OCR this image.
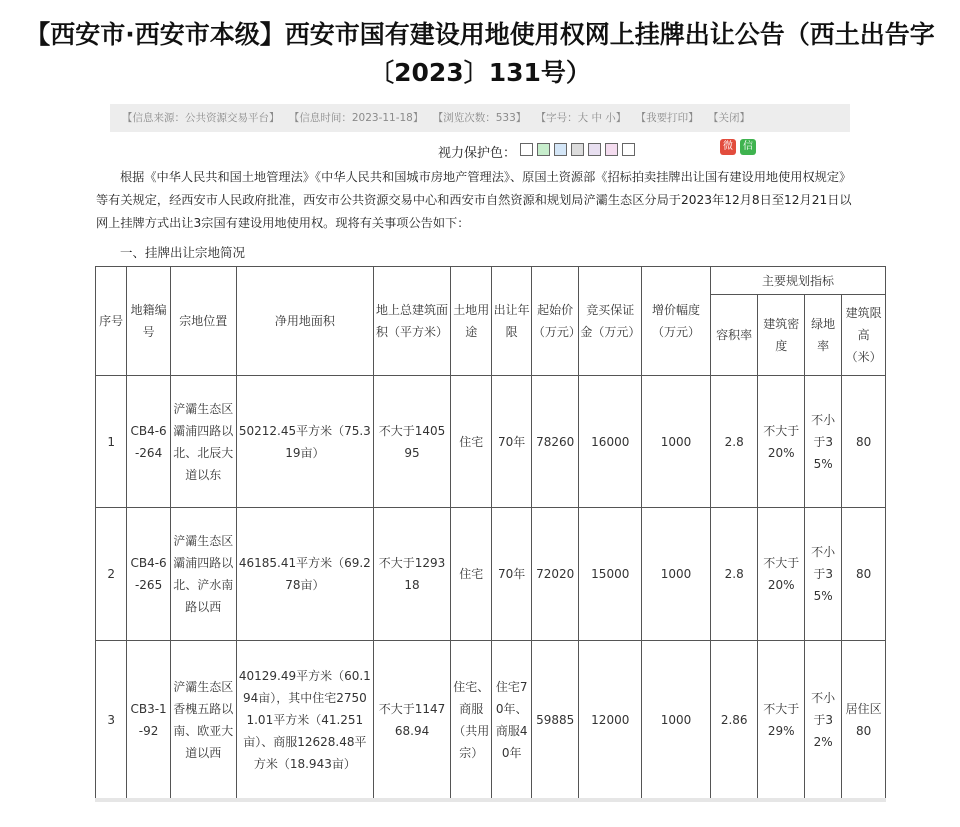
【西安市·西安市本级】西安市国有建设用地使用权网上挂牌出让公告（西土出告字〔2023〕131号）
【信息来源：公共资源交易平台】 【信息时间：2023-11-18】 【浏览次数：533】 【字号：大 中 小】 【我要打印】 【关闭】
视力保护色：	微	信

根据《中华人民共和国土地管理法》《中华人民共和国城市房地产管理法》、原国土资源部《招标拍卖挂牌出让国有建设用地使用权规定》等有关规定，经西安市人民政府批准，西安市公共资源交易中心和西安市自然资源和规划局浐灞生态区分局于2023年12月8日至12月21日以网上挂牌方式出让3宗国有建设用地使用权。现将有关事项公告如下：

一、挂牌出让宗地简况
序号	地籍编号	宗地位置	净用地面积	地上总建筑面积（平方米）	土地用途	出让年限	起始价（万元）	竞买保证金（万元）	增价幅度（万元）	主要规划指标			
										容积率	建筑密度	绿地率	建筑限高（米）
1	CB4-6-264	浐灞生态区灞浦四路以北、北辰大道以东	50212.45平方米（75.319亩）	不大于140595	住宅	70年	78260	16000	1000	2.8	不大于20%	不小于35%	80
2	CB4-6-265	浐灞生态区灞浦四路以北、浐水南路以西	46185.41平方米（69.278亩）	不大于129318	住宅	70年	72020	15000	1000	2.8	不大于20%	不小于35%	80
3	CB3-1-92	浐灞生态区香槐五路以南、欧亚大道以西	40129.49平方米（60.194亩），其中住宅27501.01平方米（41.251亩）、商服12628.48平方米（18.943亩）	不大于114768.94	住宅、商服（共用宗）	住宅70年、商服40年	59885	12000	1000	2.86	不大于29%	不小于32%	居住区80
